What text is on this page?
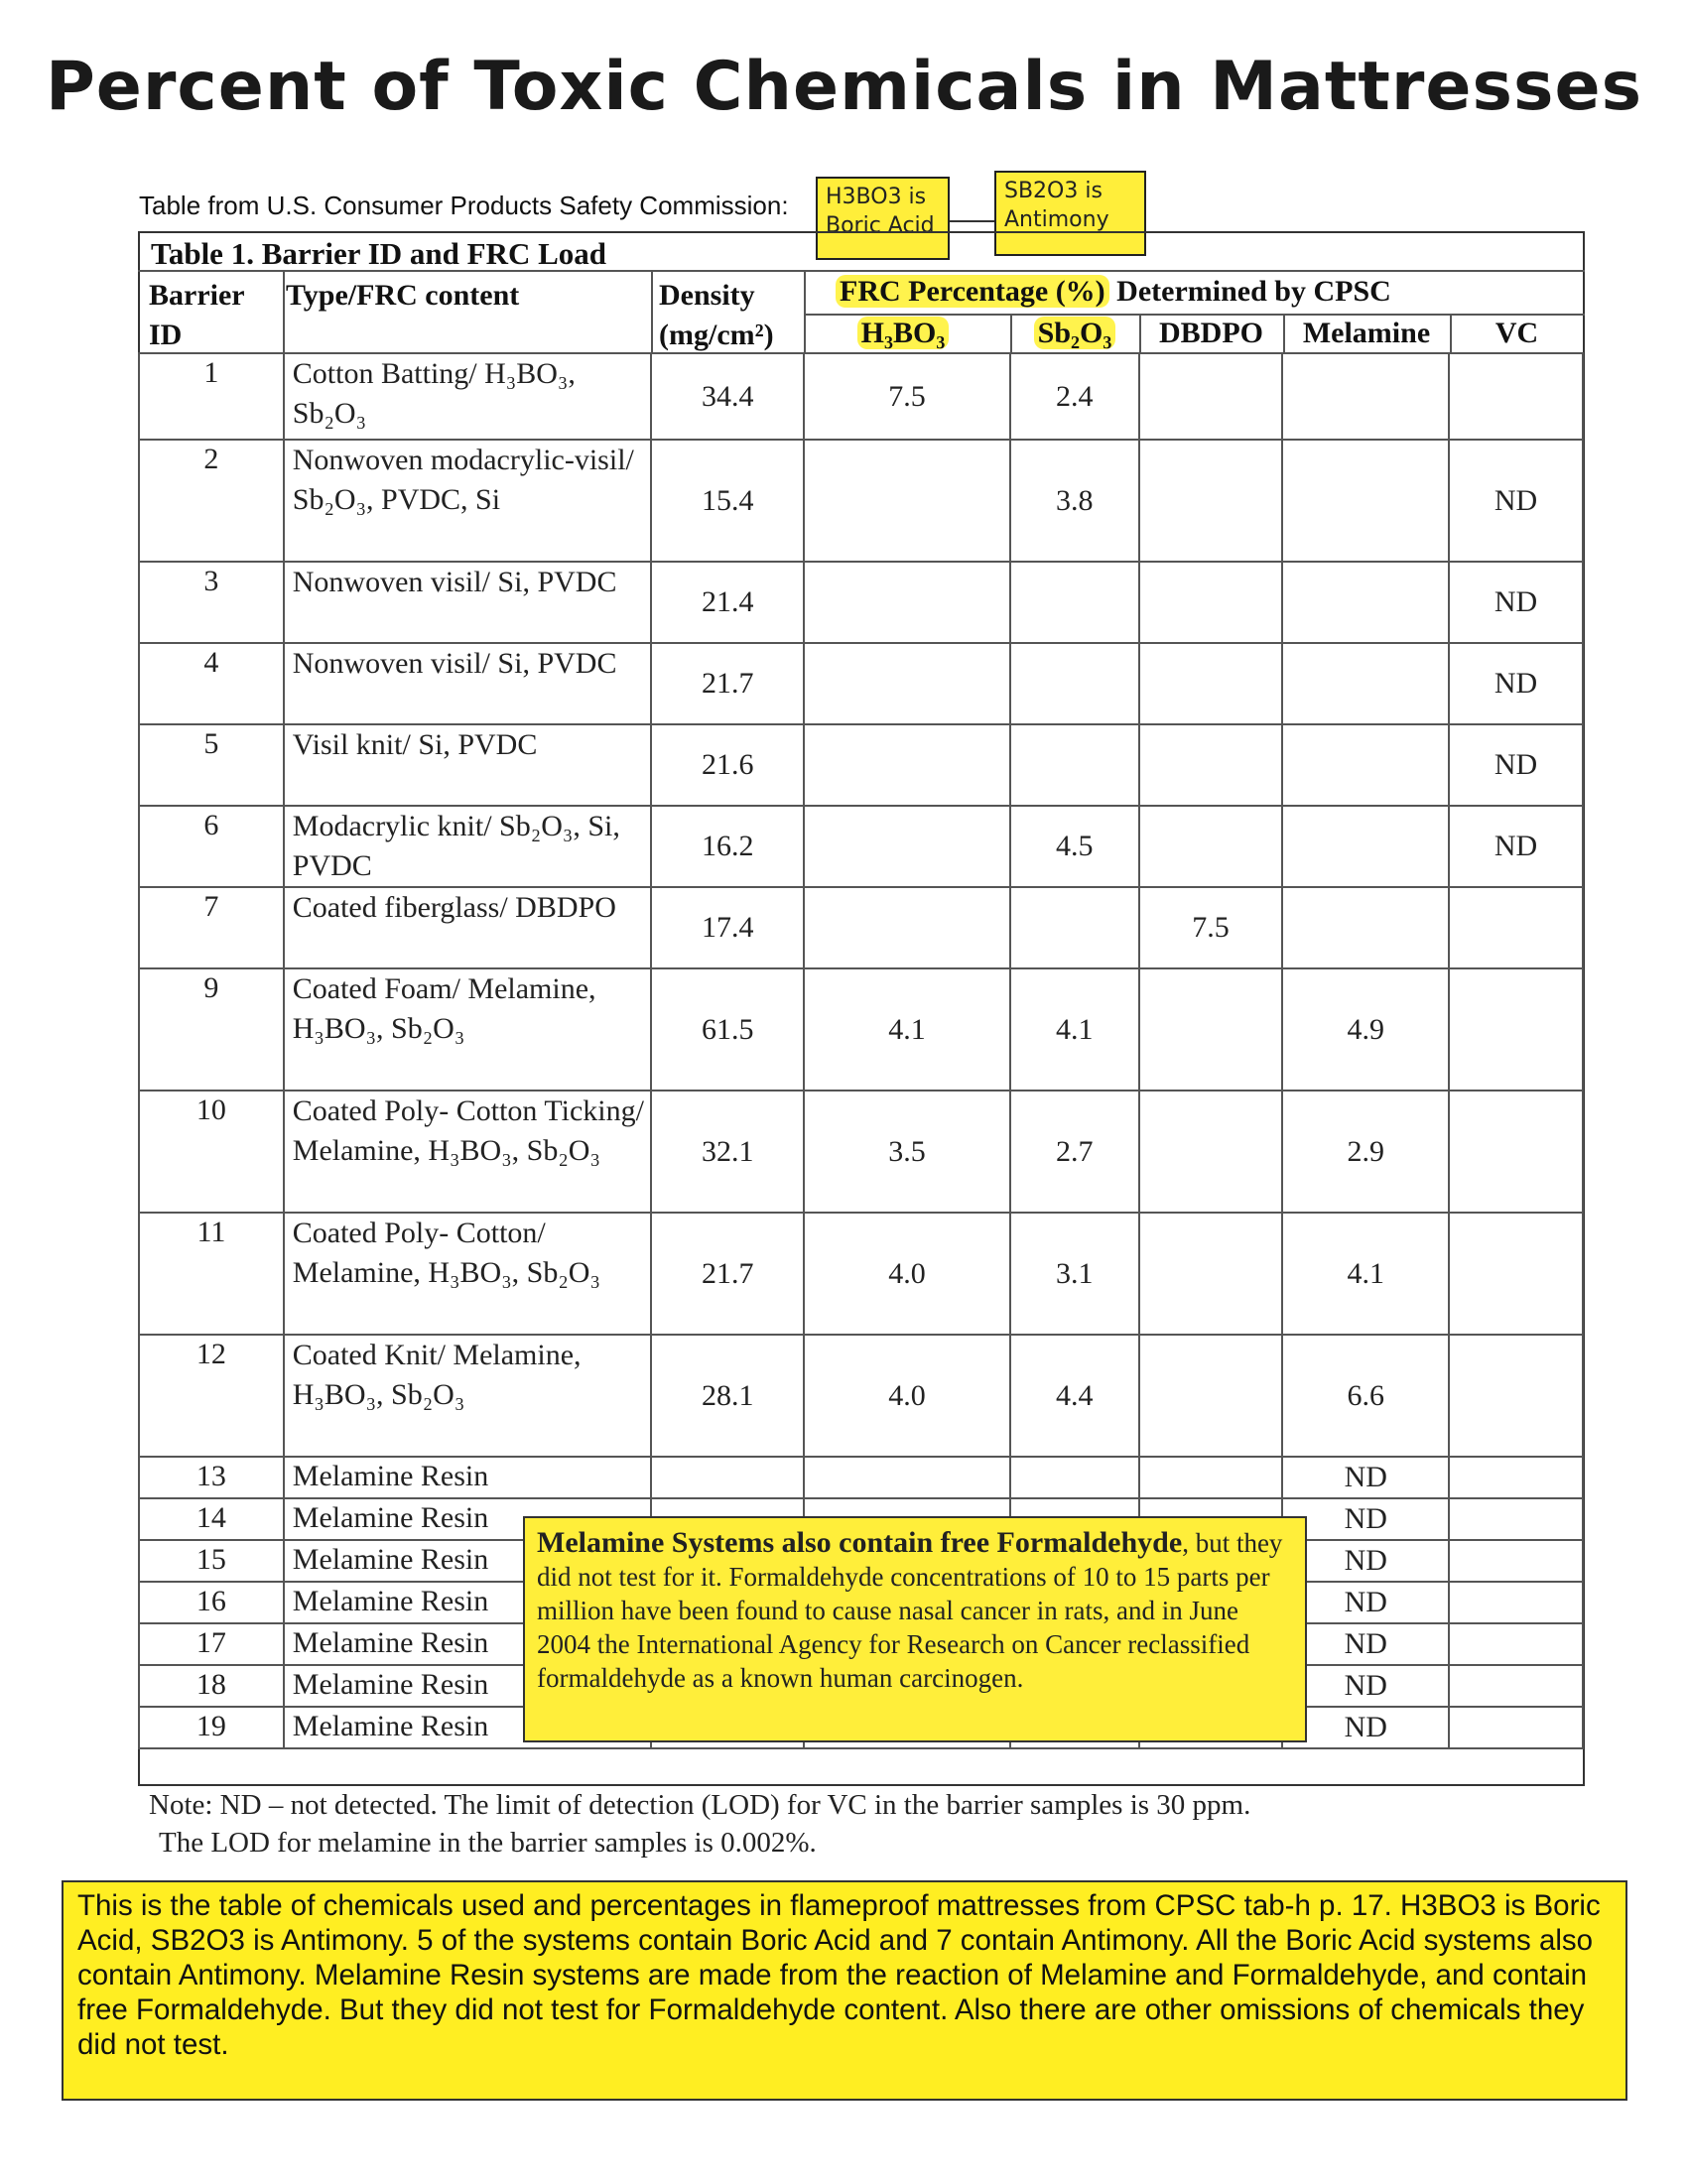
Percent of Toxic Chemicals in Mattresses
Table from U.S. Consumer Products Safety Commission:	H3BO3 is Boric Acid
SB2O3 is Antimony
Table 1. Barrier ID and FRC Load
Barrier ID
Type/FRC content	Density (mg/cm²)
FRC Percentage (%) Determined by CPSC
H₃BO₃	Sb₂O₃	DBDPO	Melamine	VC
1	Cotton Batting/ H₃BO₃, Sb₂O₃	34.4	7.5	2.4			
2	Nonwoven modacrylic-visil/ Sb₂O₃, PVDC, Si	15.4		3.8			ND
3	Nonwoven visil/ Si, PVDC	21.4					ND
4	Nonwoven visil/ Si, PVDC	21.7					ND
5	Visil knit/ Si, PVDC	21.6					ND
6	Modacrylic knit/ Sb₂O₃, Si, PVDC	16.2		4.5			ND
7	Coated fiberglass/ DBDPO	17.4			7.5		
9	Coated Foam/ Melamine, H₃BO₃, Sb₂O₃	61.5	4.1	4.1		4.9	
10	Coated Poly- Cotton Ticking/ Melamine, H₃BO₃, Sb₂O₃	32.1	3.5	2.7		2.9	
11	Coated Poly- Cotton/ Melamine, H₃BO₃, Sb₂O₃	21.7	4.0	3.1		4.1	
12	Coated Knit/ Melamine, H₃BO₃, Sb₂O₃	28.1	4.0	4.4		6.6	
13	Melamine Resin					ND	
14	Melamine Resin					ND	
15	Melamine Resin					ND	
16	Melamine Resin					ND	
17	Melamine Resin					ND	
18	Melamine Resin					ND	
19	Melamine Resin					ND	
Melamine Systems also contain free Formaldehyde, but they did not test for it. Formaldehyde concentrations of 10 to 15 parts per million have been found to cause nasal cancer in rats, and in June 2004 the International Agency for Research on Cancer reclassified formaldehyde as a known human carcinogen.
Note: ND – not detected. The limit of detection (LOD) for VC in the barrier samples is 30 ppm.
The LOD for melamine in the barrier samples is 0.002%.
This is the table of chemicals used and percentages in flameproof mattresses from CPSC tab-h p. 17. H3BO3 is Boric Acid, SB2O3 is Antimony. 5 of the systems contain Boric Acid and 7 contain Antimony. All the Boric Acid systems also contain Antimony. Melamine Resin systems are made from the reaction of Melamine and Formaldehyde, and contain free Formaldehyde. But they did not test for Formaldehyde content. Also there are other omissions of chemicals they did not test.
